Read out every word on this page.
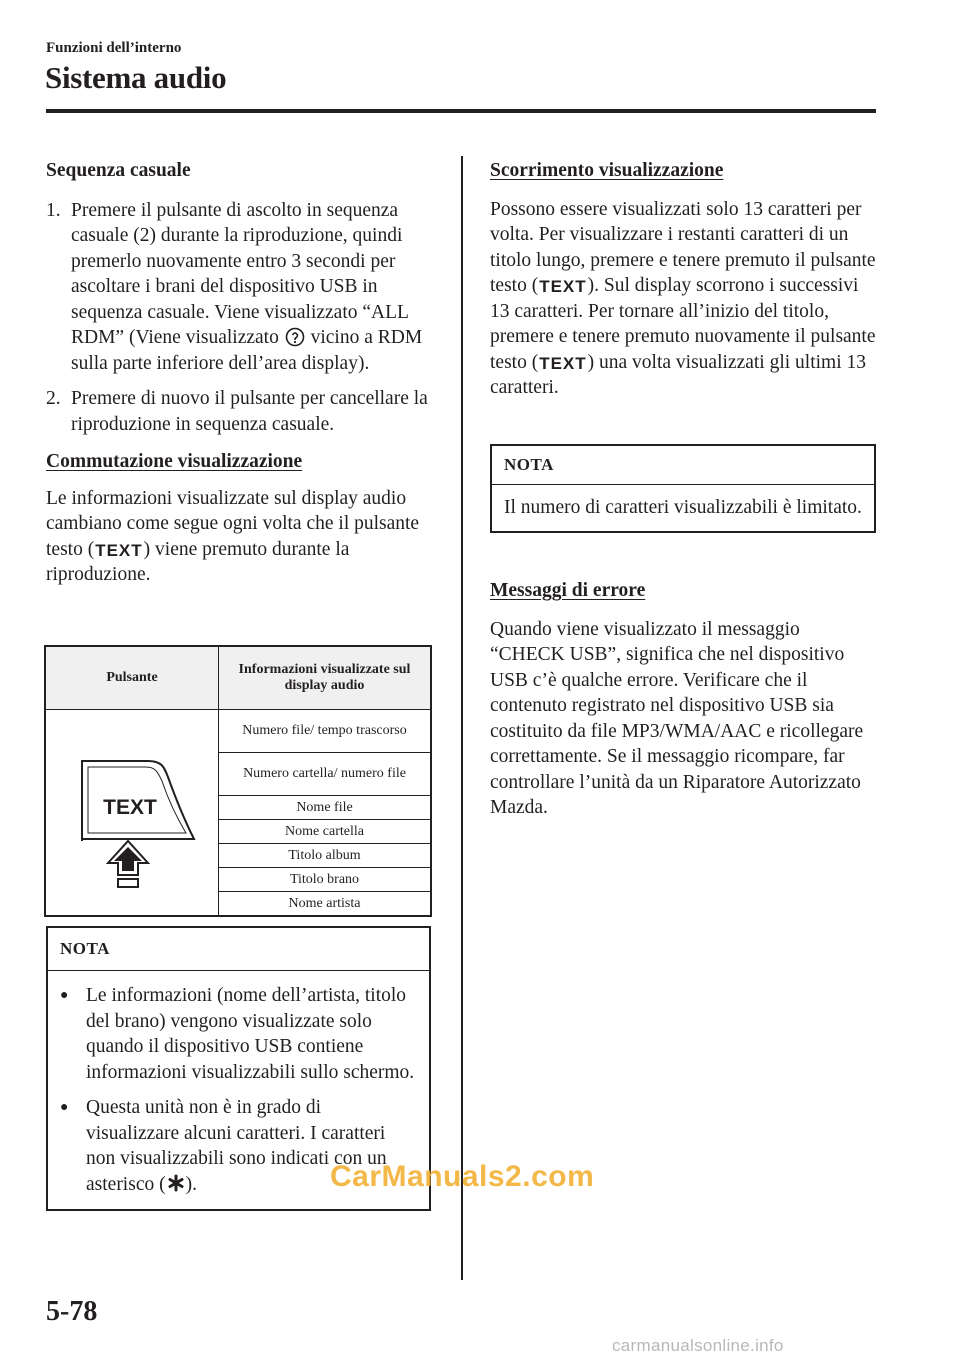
Funzioni dell’interno
Sistema audio

Sequenza casuale

1. Premere il pulsante di ascolto in sequenza casuale (2) durante la riproduzione, quindi premerlo nuovamente entro 3 secondi per ascoltare i brani del dispositivo USB in sequenza casuale. Viene visualizzato “ALL RDM” (Viene visualizzato vicino a RDM sulla parte inferiore dell’area display).
2. Premere di nuovo il pulsante per cancellare la riproduzione in sequenza casuale.

Commutazione visualizzazione

Le informazioni visualizzate sul display audio cambiano come segue ogni volta che il pulsante testo (TEXT) viene premuto durante la riproduzione.

Pulsante	Informazioni visualizzate sul display audio

TEXT	Numero file/ tempo trascorso
	Numero cartella/ numero file
	Nome file
	Nome cartella
	Titolo album
	Titolo brano
	Nome artista
NOTA
● Le informazioni (nome dell’artista, titolo del brano) vengono visualizzate solo quando il dispositivo USB contiene informazioni visualizzabili sullo schermo.
● Questa unità non è in grado di visualizzare alcuni caratteri. I caratteri non visualizzabili sono indicati con un asterisco ( ).

Scorrimento visualizzazione

Possono essere visualizzati solo 13 caratteri per volta. Per visualizzare i restanti caratteri di un titolo lungo, premere e tenere premuto il pulsante testo (TEXT). Sul display scorrono i successivi 13 caratteri. Per tornare all’inizio del titolo, premere e tenere premuto nuovamente il pulsante testo (TEXT) una volta visualizzati gli ultimi 13 caratteri.

NOTA
Il numero di caratteri visualizzabili è limitato.

Messaggi di errore

Quando viene visualizzato il messaggio “CHECK USB”, significa che nel dispositivo USB c’è qualche errore. Verificare che il contenuto registrato nel dispositivo USB sia costituito da file MP3/WMA/AAC e ricollegare correttamente. Se il messaggio ricompare, far controllare l’unità da un Riparatore Autorizzato Mazda.

5-78
CarManuals2.com
carmanualsonline.info
